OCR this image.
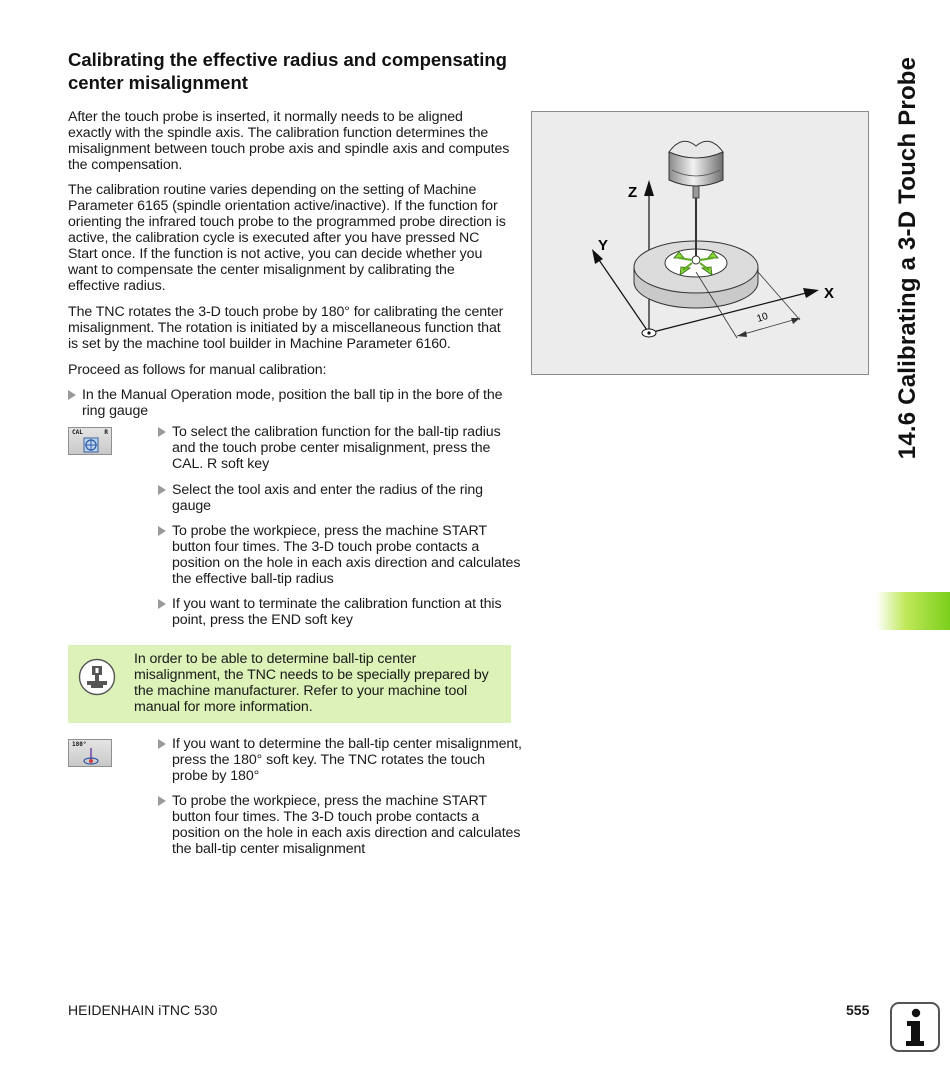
Calibrating the effective radius and compensating center misalignment

After the touch probe is inserted, it normally needs to be aligned exactly with the spindle axis. The calibration function determines the misalignment between touch probe axis and spindle axis and computes the compensation.

The calibration routine varies depending on the setting of Machine Parameter 6165 (spindle orientation active/inactive). If the function for orienting the infrared touch probe to the programmed probe direction is active, the calibration cycle is executed after you have pressed NC Start once. If the function is not active, you can decide whether you want to compensate the center misalignment by calibrating the effective radius.

The TNC rotates the 3-D touch probe by 180° for calibrating the center misalignment. The rotation is initiated by a miscellaneous function that is set by the machine tool builder in Machine Parameter 6160.

Proceed as follows for manual calibration:

In the Manual Operation mode, position the ball tip in the bore of the ring gauge
CAL	R	To select the calibration function for the ball-tip radius and the touch probe center misalignment, press the CAL. R soft key
Select the tool axis and enter the radius of the ring gauge
To probe the workpiece, press the machine START button four times. The 3-D touch probe contacts a position on the hole in each axis direction and calculates the effective ball-tip radius
If you want to terminate the calibration function at this point, press the END soft key

In order to be able to determine ball-tip center misalignment, the TNC needs to be specially prepared by the machine manufacturer. Refer to your machine tool manual for more information.

180°	If you want to determine the ball-tip center misalignment, press the 180° soft key. The TNC rotates the touch probe by 180°
To probe the workpiece, press the machine START button four times. The 3-D touch probe contacts a position on the hole in each axis direction and calculates the ball-tip center misalignment
Z
Y
X
10	14.6 Calibrating a 3-D Touch Probe
HEIDENHAIN iTNC 530	555
